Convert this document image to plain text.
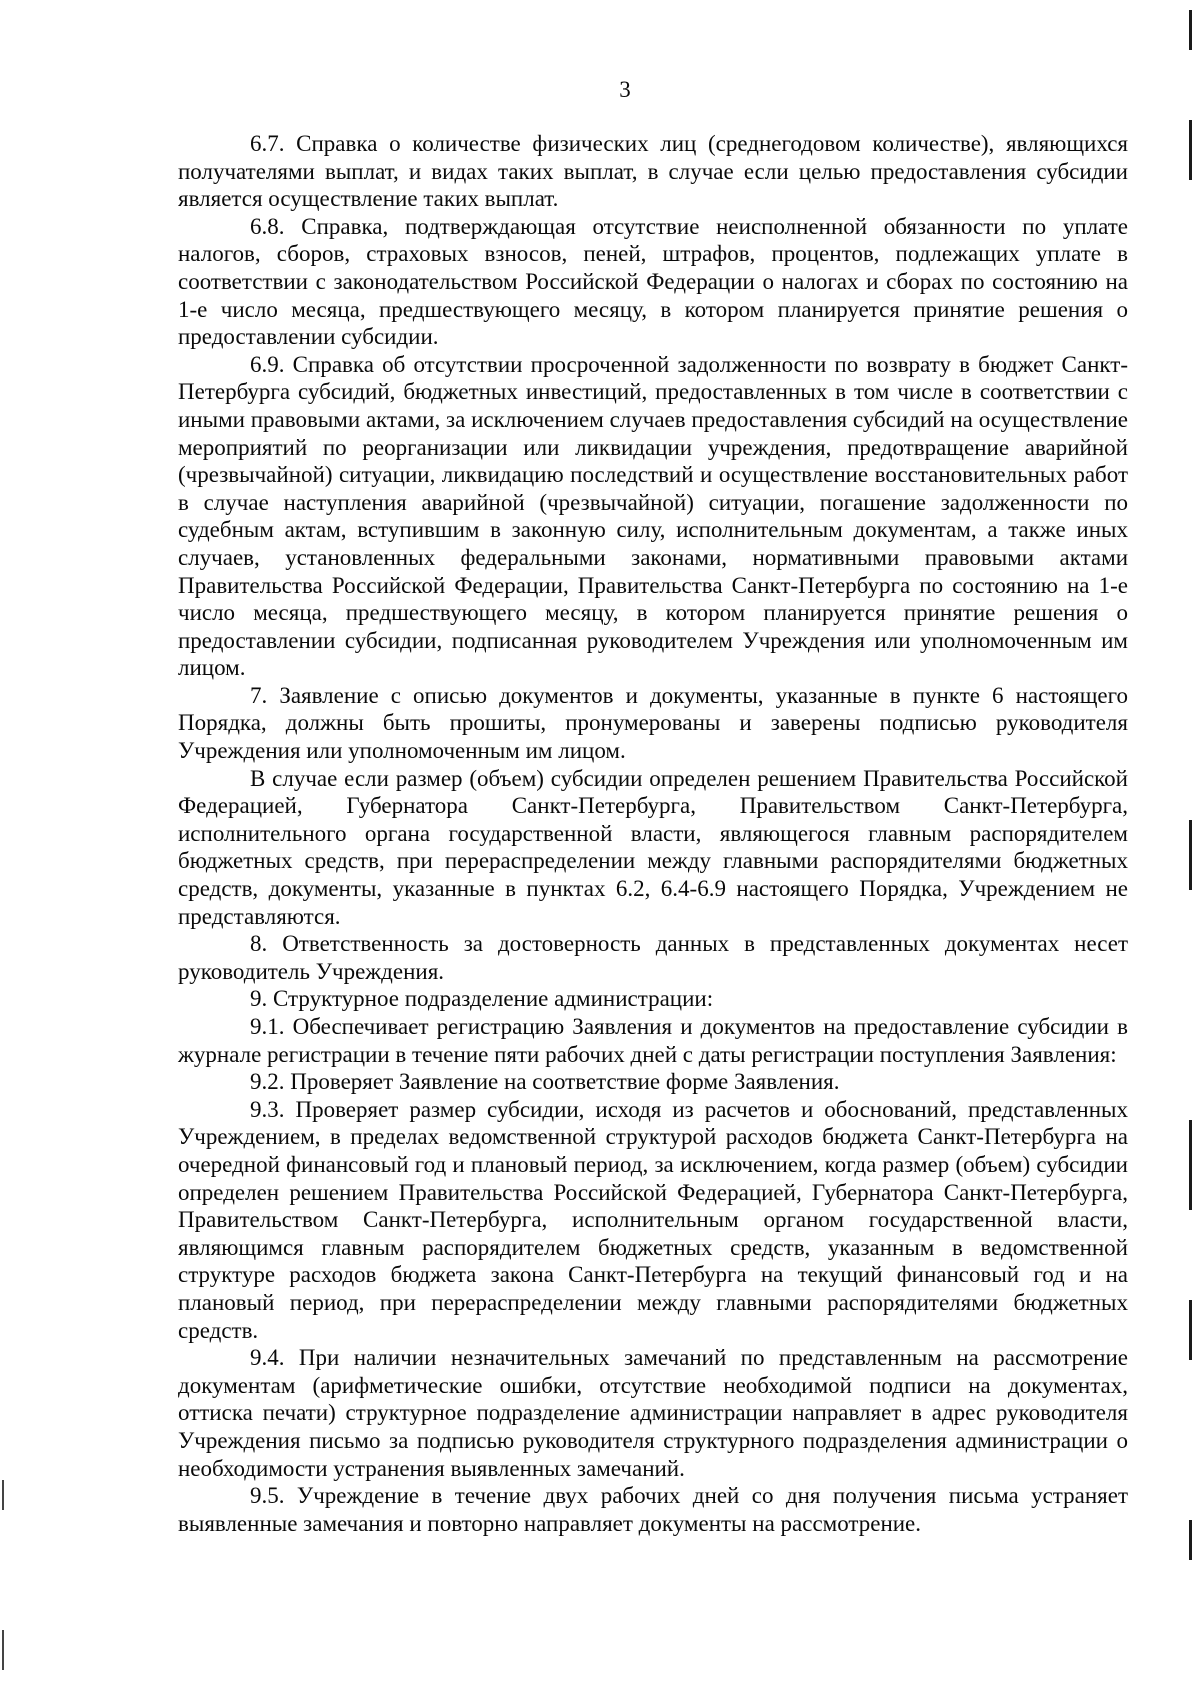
3

6.7. Справка о количестве физических лиц (среднегодовом количестве), являющихся получателями выплат, и видах таких выплат, в случае если целью предоставления субсидии является осуществление таких выплат.

6.8. Справка, подтверждающая отсутствие неисполненной обязанности по уплате налогов, сборов, страховых взносов, пеней, штрафов, процентов, подлежащих уплате в соответствии с законодательством Российской Федерации о налогах и сборах по состоянию на 1-е число месяца, предшествующего месяцу, в котором планируется принятие решения о предоставлении субсидии.

6.9. Справка об отсутствии просроченной задолженности по возврату в бюджет Санкт-Петербурга субсидий, бюджетных инвестиций, предоставленных в том числе в соответствии с иными правовыми актами, за исключением случаев предоставления субсидий на осуществление мероприятий по реорганизации или ликвидации учреждения, предотвращение аварийной (чрезвычайной) ситуации, ликвидацию последствий и осуществление восстановительных работ в случае наступления аварийной (чрезвычайной) ситуации, погашение задолженности по судебным актам, вступившим в законную силу, исполнительным документам, а также иных случаев, установленных федеральными законами, нормативными правовыми актами Правительства Российской Федерации, Правительства Санкт-Петербурга по состоянию на 1-е число месяца, предшествующего месяцу, в котором планируется принятие решения о предоставлении субсидии, подписанная руководителем Учреждения или уполномоченным им лицом.

7. Заявление с описью документов и документы, указанные в пункте 6 настоящего Порядка, должны быть прошиты, пронумерованы и заверены подписью руководителя Учреждения или уполномоченным им лицом.

В случае если размер (объем) субсидии определен решением Правительства Российской Федерацией, Губернатора Санкт-Петербурга, Правительством Санкт-Петербурга, исполнительного органа государственной власти, являющегося главным распорядителем бюджетных средств, при перераспределении между главными распорядителями бюджетных средств, документы, указанные в пунктах 6.2, 6.4-6.9 настоящего Порядка, Учреждением не представляются.

8. Ответственность за достоверность данных в представленных документах несет руководитель Учреждения.

9. Структурное подразделение администрации:

9.1. Обеспечивает регистрацию Заявления и документов на предоставление субсидии в журнале регистрации в течение пяти рабочих дней с даты регистрации поступления Заявления:

9.2. Проверяет Заявление на соответствие форме Заявления.

9.3. Проверяет размер субсидии, исходя из расчетов и обоснований, представленных Учреждением, в пределах ведомственной структурой расходов бюджета Санкт-Петербурга на очередной финансовый год и плановый период, за исключением, когда размер (объем) субсидии определен решением Правительства Российской Федерацией, Губернатора Санкт-Петербурга, Правительством Санкт-Петербурга, исполнительным органом государственной власти, являющимся главным распорядителем бюджетных средств, указанным в ведомственной структуре расходов бюджета закона Санкт-Петербурга на текущий финансовый год и на плановый период, при перераспределении между главными распорядителями бюджетных средств.

9.4. При наличии незначительных замечаний по представленным на рассмотрение документам (арифметические ошибки, отсутствие необходимой подписи на документах, оттиска печати) структурное подразделение администрации направляет в адрес руководителя Учреждения письмо за подписью руководителя структурного подразделения администрации о необходимости устранения выявленных замечаний.

9.5. Учреждение в течение двух рабочих дней со дня получения письма устраняет выявленные замечания и повторно направляет документы на рассмотрение.
